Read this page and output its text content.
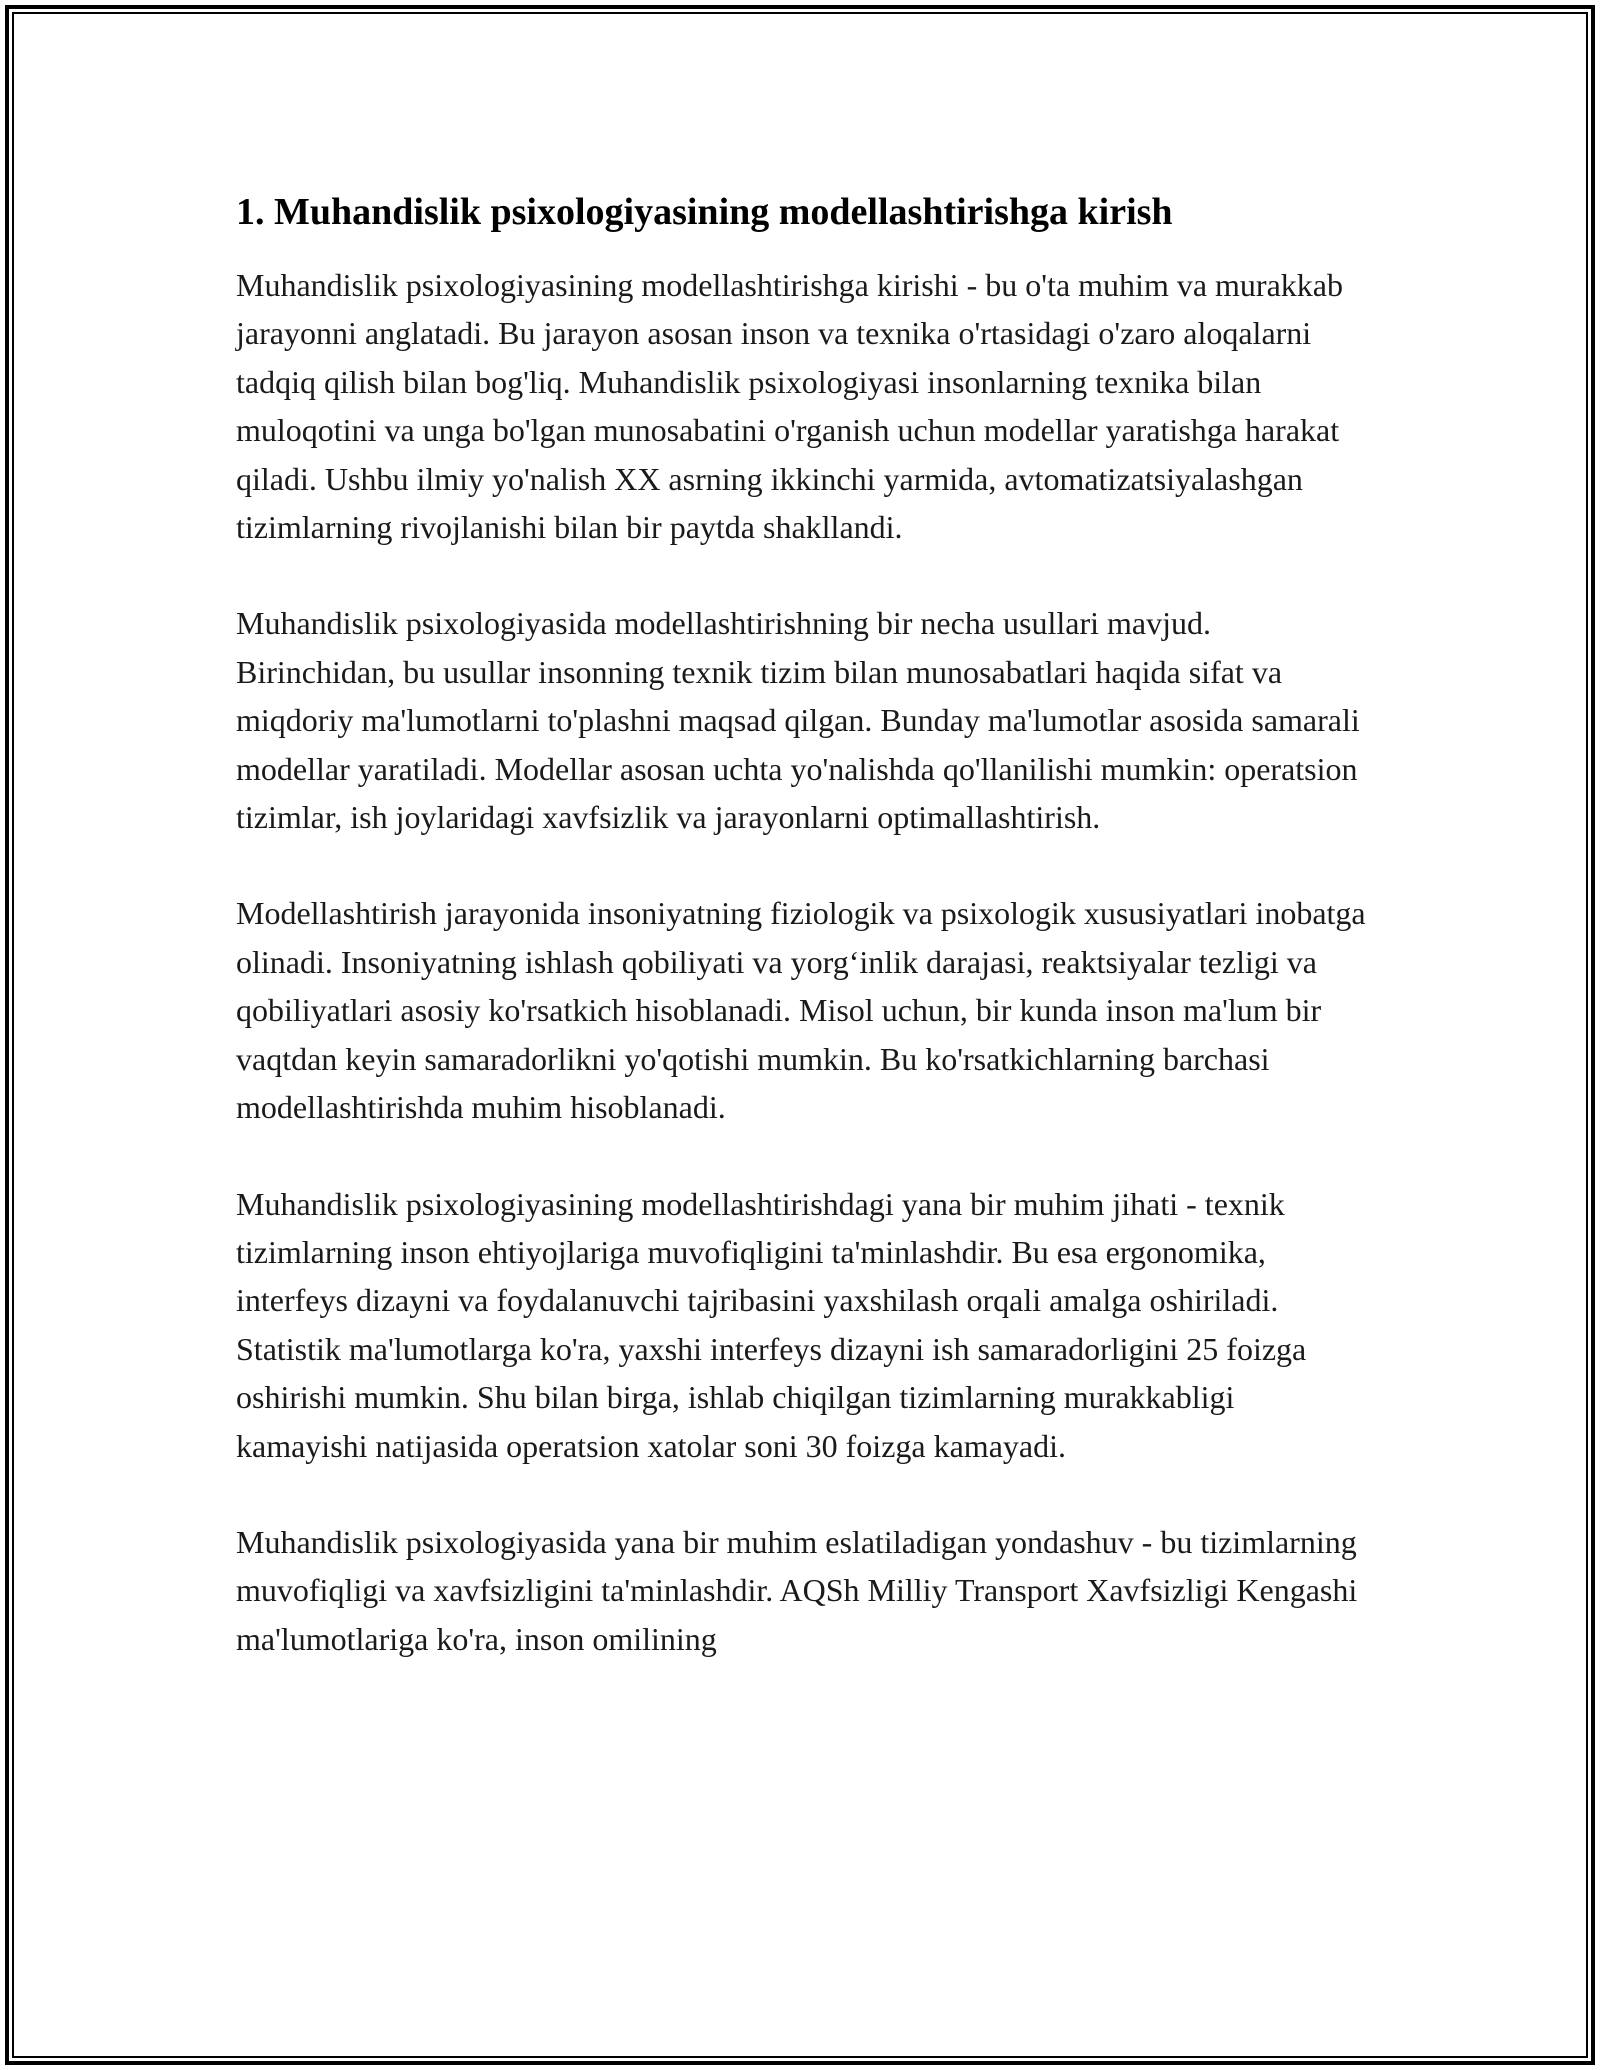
1. Muhandislik psixologiyasining modellashtirishga kirish

Muhandislik psixologiyasining modellashtirishga kirishi - bu o'ta muhim va murakkab jarayonni anglatadi. Bu jarayon asosan inson va texnika o'rtasidagi o'zaro aloqalarni tadqiq qilish bilan bog'liq. Muhandislik psixologiyasi insonlarning texnika bilan muloqotini va unga bo'lgan munosabatini o'rganish uchun modellar yaratishga harakat qiladi. Ushbu ilmiy yo'nalish XX asrning ikkinchi yarmida, avtomatizatsiyalashgan tizimlarning rivojlanishi bilan bir paytda shakllandi.

Muhandislik psixologiyasida modellashtirishning bir necha usullari mavjud. Birinchidan, bu usullar insonning texnik tizim bilan munosabatlari haqida sifat va miqdoriy ma'lumotlarni to'plashni maqsad qilgan. Bunday ma'lumotlar asosida samarali modellar yaratiladi. Modellar asosan uchta yo'nalishda qo'llanilishi mumkin: operatsion tizimlar, ish joylaridagi xavfsizlik va jarayonlarni optimallashtirish.

Modellashtirish jarayonida insoniyatning fiziologik va psixologik xususiyatlari inobatga olinadi. Insoniyatning ishlash qobiliyati va yorg‘inlik darajasi, reaktsiyalar tezligi va qobiliyatlari asosiy ko'rsatkich hisoblanadi. Misol uchun, bir kunda inson ma'lum bir vaqtdan keyin samaradorlikni yo'qotishi mumkin. Bu ko'rsatkichlarning barchasi modellashtirishda muhim hisoblanadi.

Muhandislik psixologiyasining modellashtirishdagi yana bir muhim jihati - texnik tizimlarning inson ehtiyojlariga muvofiqligini ta'minlashdir. Bu esa ergonomika, interfeys dizayni va foydalanuvchi tajribasini yaxshilash orqali amalga oshiriladi. Statistik ma'lumotlarga ko'ra, yaxshi interfeys dizayni ish samaradorligini 25 foizga oshirishi mumkin. Shu bilan birga, ishlab chiqilgan tizimlarning murakkabligi kamayishi natijasida operatsion xatolar soni 30 foizga kamayadi.

Muhandislik psixologiyasida yana bir muhim eslatiladigan yondashuv - bu tizimlarning muvofiqligi va xavfsizligini ta'minlashdir. AQSh Milliy Transport Xavfsizligi Kengashi ma'lumotlariga ko'ra, inson omilining
